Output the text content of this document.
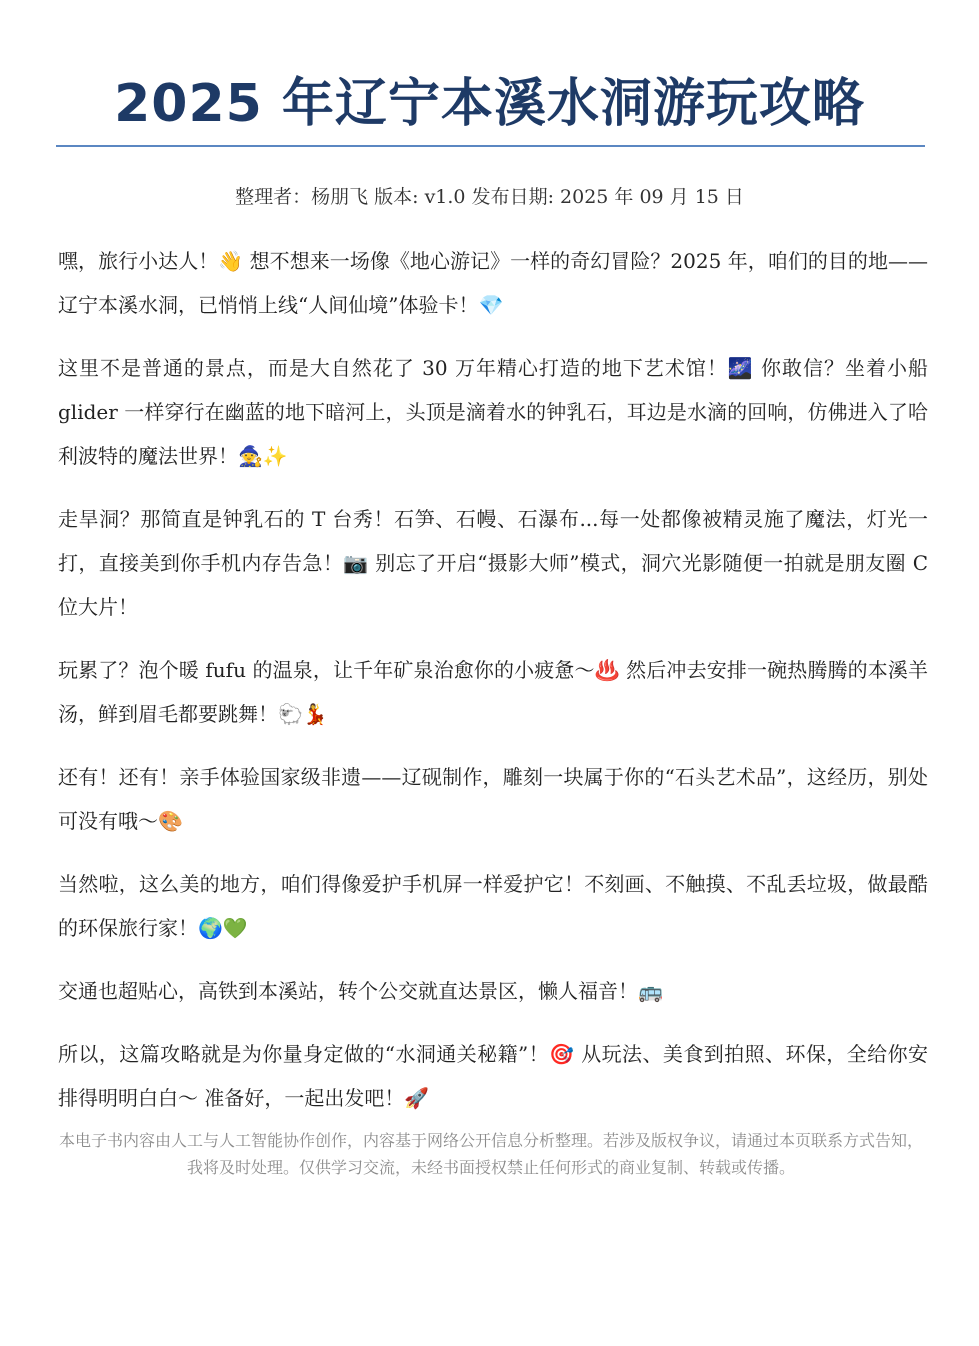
2025 年辽宁本溪水洞游玩攻略
整理者：杨朋飞 版本: v1.0 发布日期: 2025 年 09 月 15 日

嘿，旅行小达人！👋 想不想来一场像《地心游记》一样的奇幻冒险？2025 年，咱们的目的地——辽宁本溪水洞，已悄悄上线“人间仙境”体验卡！💎

这里不是普通的景点，而是大自然花了 30 万年精心打造的地下艺术馆！🌌 你敢信？坐着小船 glider 一样穿行在幽蓝的地下暗河上，头顶是滴着水的钟乳石，耳边是水滴的回响，仿佛进入了哈利波特的魔法世界！🧙✨

走旱洞？那简直是钟乳石的 T 台秀！石笋、石幔、石瀑布...每一处都像被精灵施了魔法，灯光一打，直接美到你手机内存告急！📷 别忘了开启“摄影大师”模式，洞穴光影随便一拍就是朋友圈 C 位大片！

玩累了？泡个暖 fufu 的温泉，让千年矿泉治愈你的小疲惫～♨️ 然后冲去安排一碗热腾腾的本溪羊汤，鲜到眉毛都要跳舞！🐑💃

还有！还有！亲手体验国家级非遗——辽砚制作，雕刻一块属于你的“石头艺术品”，这经历，别处可没有哦～🎨

当然啦，这么美的地方，咱们得像爱护手机屏一样爱护它！不刻画、不触摸、不乱丢垃圾，做最酷的环保旅行家！🌍💚

交通也超贴心，高铁到本溪站，转个公交就直达景区，懒人福音！🚌

所以，这篇攻略就是为你量身定做的“水洞通关秘籍”！🎯 从玩法、美食到拍照、环保，全给你安排得明明白白～ 准备好，一起出发吧！🚀

本电子书内容由人工与人工智能协作创作，内容基于网络公开信息分析整理。若涉及版权争议，请通过本页联系方式告知，我将及时处理。仅供学习交流，未经书面授权禁止任何形式的商业复制、转载或传播。
